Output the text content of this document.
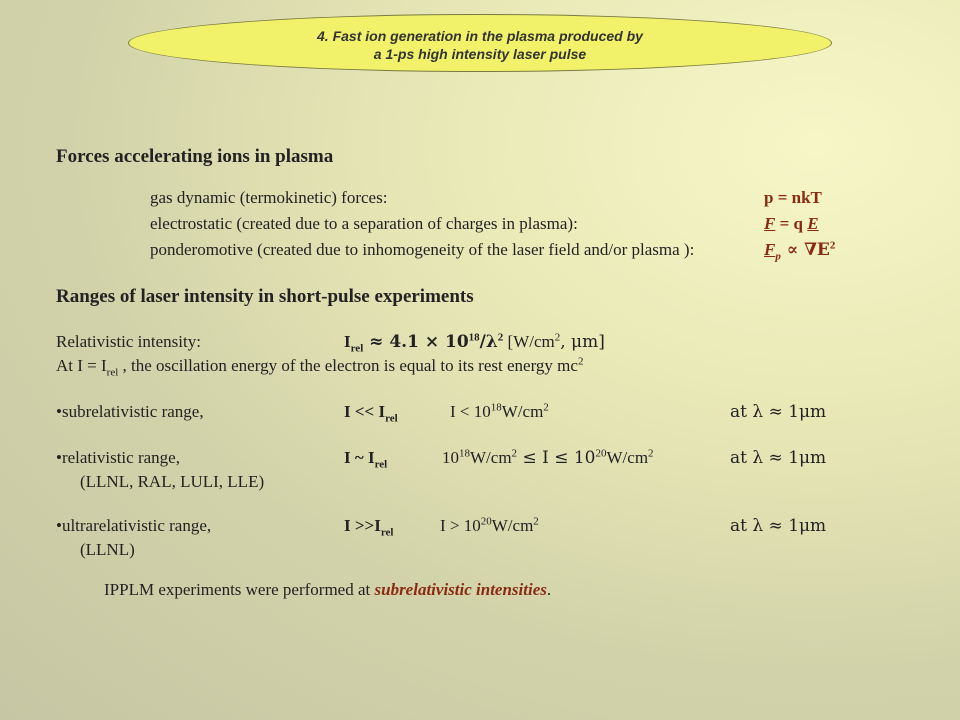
4. Fast ion generation in the plasma produced by
a 1-ps high intensity laser pulse
Forces accelerating ions in plasma
gas dynamic (termokinetic) forces:	p = nkT
electrostatic (created due to a separation of charges in plasma):	F = q E
ponderomotive (created due to inhomogeneity of the laser field and/or plasma ):	$F_p \propto \nabla E^2$
Ranges of laser intensity in short-pulse experiments
Relativistic intensity:	$I_{rel} \approx 4.1 \times 10^{18}/\lambda^2$ [$W/cm^2$, μm]
At $I = I_{rel}$ , the oscillation energy of the electron is equal to its rest energy $mc^2$
•subrelativistic range,	$I << I_{rel}$	$I < 10^{18}W/cm^2$	at λ ≈ 1μm
•relativistic range,	I ~ $I_{rel}$	$10^{18}W/cm^2 \le I \le 10^{20}W/cm^2$	at λ ≈ 1μm
(LLNL, RAL, LULI, LLE)
•ultrarelativistic range,	$I >>I_{rel}$	$I > 10^{20}W/cm^2$	at λ ≈ 1μm
(LLNL)
IPPLM experiments were performed at subrelativistic intensities.
